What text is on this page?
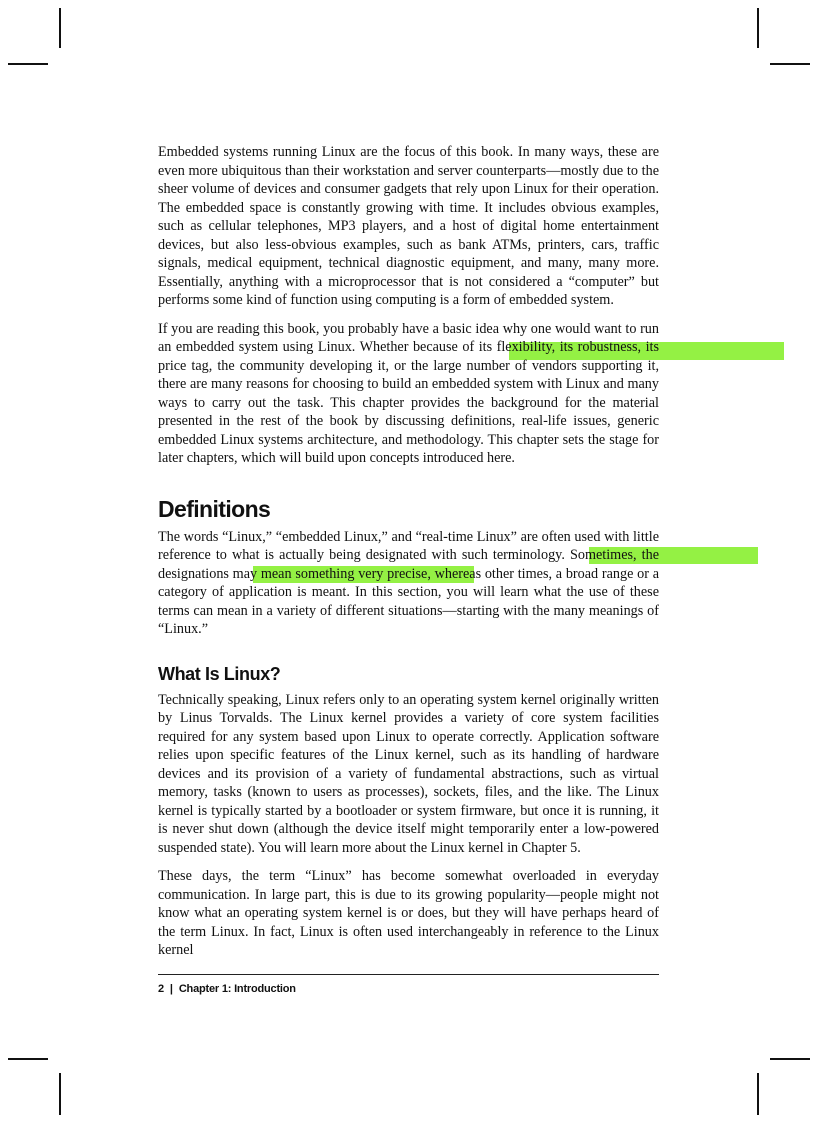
Embedded systems running Linux are the focus of this book. In many ways, these are even more ubiquitous than their workstation and server counterparts—mostly due to the sheer volume of devices and consumer gadgets that rely upon Linux for their operation. The embedded space is constantly growing with time. It includes obvious examples, such as cellular telephones, MP3 players, and a host of digital home entertainment devices, but also less-obvious examples, such as bank ATMs, printers, cars, traffic signals, medical equipment, technical diagnostic equipment, and many, many more. Essentially, anything with a microprocessor that is not considered a “computer” but performs some kind of function using computing is a form of embedded system.

If you are reading this book, you probably have a basic idea why one would want to run an embedded system using Linux. Whether because of its flexibility, its robustness, its price tag, the community developing it, or the large number of vendors supporting it, there are many reasons for choosing to build an embedded system with Linux and many ways to carry out the task. This chapter provides the background for the material presented in the rest of the book by discussing definitions, real-life issues, generic embedded Linux systems architecture, and methodology. This chapter sets the stage for later chapters, which will build upon concepts introduced here.

Definitions

The words “Linux,” “embedded Linux,” and “real-time Linux” are often used with little reference to what is actually being designated with such terminology. Sometimes, the designations may mean something very precise, whereas other times, a broad range or a category of application is meant. In this section, you will learn what the use of these terms can mean in a variety of different situations—starting with the many meanings of “Linux.”

What Is Linux?

Technically speaking, Linux refers only to an operating system kernel originally written by Linus Torvalds. The Linux kernel provides a variety of core system facilities required for any system based upon Linux to operate correctly. Application software relies upon specific features of the Linux kernel, such as its handling of hardware devices and its provision of a variety of fundamental abstractions, such as virtual memory, tasks (known to users as processes), sockets, files, and the like. The Linux kernel is typically started by a bootloader or system firmware, but once it is running, it is never shut down (although the device itself might temporarily enter a low-powered suspended state). You will learn more about the Linux kernel in Chapter 5.

These days, the term “Linux” has become somewhat overloaded in everyday communication. In large part, this is due to its growing popularity—people might not know what an operating system kernel is or does, but they will have perhaps heard of the term Linux. In fact, Linux is often used interchangeably in reference to the Linux kernel

2 | Chapter 1: Introduction
